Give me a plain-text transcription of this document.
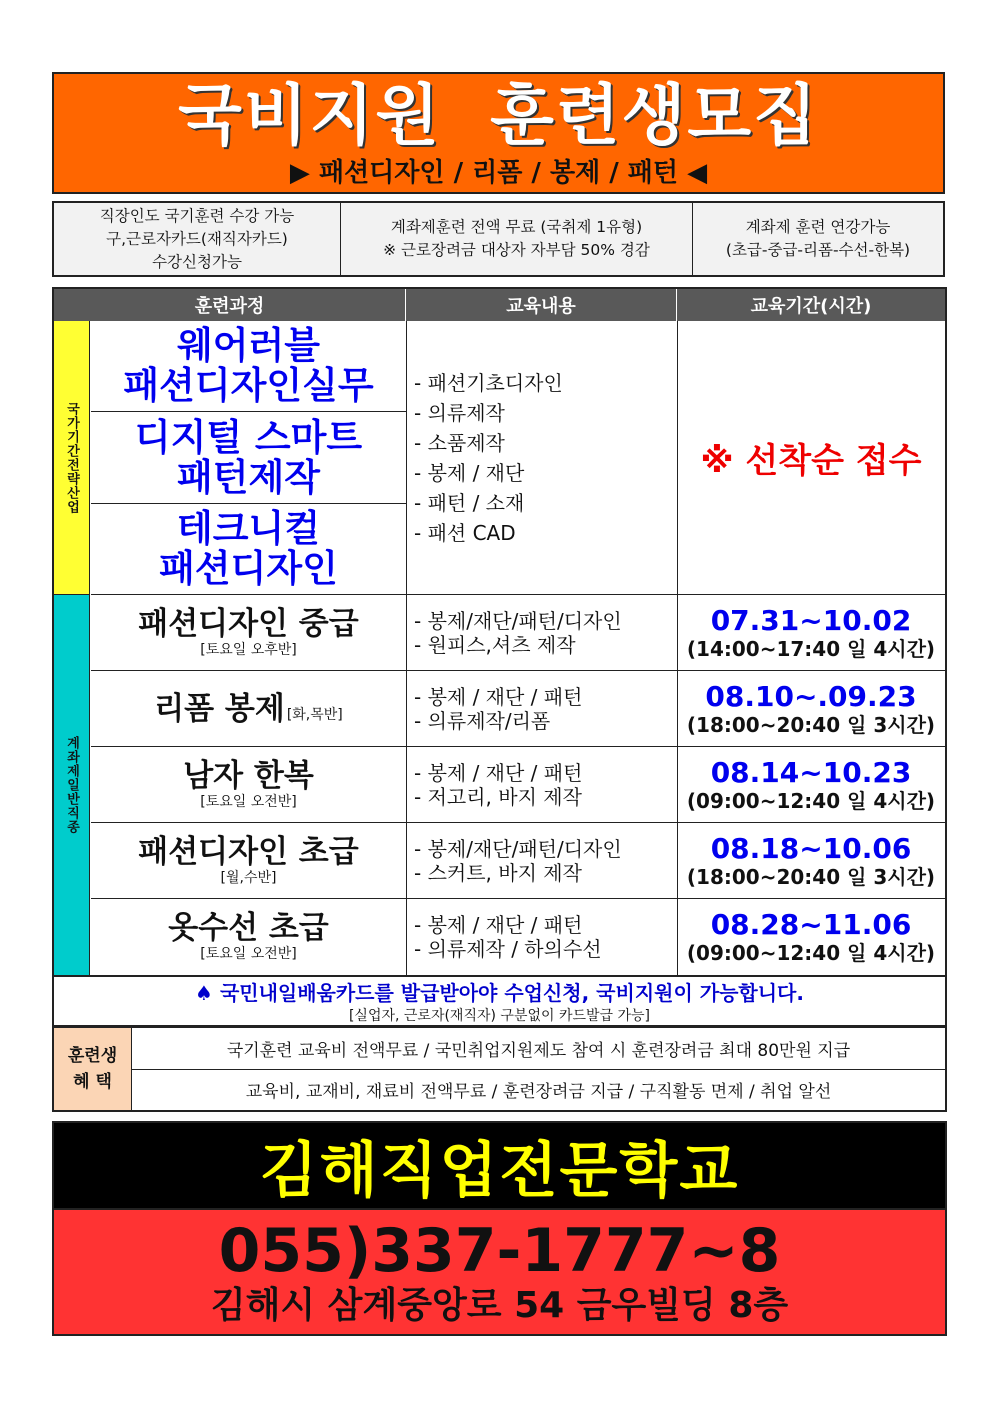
국비지원 훈련생모집
▶ 패션디자인 / 리폼 / 봉제 / 패턴 ◀
직장인도 국기훈련 수강 가능
구,근로자카드(재직자카드)
수강신청가능
계좌제훈련 전액 무료 (국취제 1유형)
※ 근로장려금 대상자 자부담 50% 경감
계좌제 훈련 연강가능
(초급-중급-리폼-수선-한복)
훈련과정	교육내용	교육기간(시간)
국가기간전략산업
계좌제일반직종
웨어러블
패션디자인실무
디지털 스마트
패턴제작
테크니컬
패션디자인
- 패션기초디자인
- 의류제작
- 소품제작
- 봉제 / 재단
- 패턴 / 소재
- 패션 CAD
※ 선착순 접수
패션디자인 중급
[토요일 오후반]
- 봉제/재단/패턴/디자인
- 원피스,셔츠 제작
07.31~10.02
(14:00~17:40 일 4시간)
리폼 봉제 [화,목반]
- 봉제 / 재단 / 패턴
- 의류제작/리폼
08.10~.09.23
(18:00~20:40 일 3시간)
남자 한복
[토요일 오전반]
- 봉제 / 재단 / 패턴
- 저고리, 바지 제작
08.14~10.23
(09:00~12:40 일 4시간)
패션디자인 초급
[월,수반]
- 봉제/재단/패턴/디자인
- 스커트, 바지 제작
08.18~10.06
(18:00~20:40 일 3시간)
옷수선 초급
[토요일 오전반]
- 봉제 / 재단 / 패턴
- 의류제작 / 하의수선
08.28~11.06
(09:00~12:40 일 4시간)
♠ 국민내일배움카드를 발급받아야 수업신청, 국비지원이 가능합니다.
[실업자, 근로자(재직자) 구분없이 카드발급 가능]
훈련생
혜 택
국기훈련 교육비 전액무료 / 국민취업지원제도 참여 시 훈련장려금 최대 80만원 지급
교육비, 교재비, 재료비 전액무료 / 훈련장려금 지급 / 구직활동 면제 / 취업 알선
김해직업전문학교
055)337-1777~8
김해시 삼계중앙로 54 금우빌딩 8층
